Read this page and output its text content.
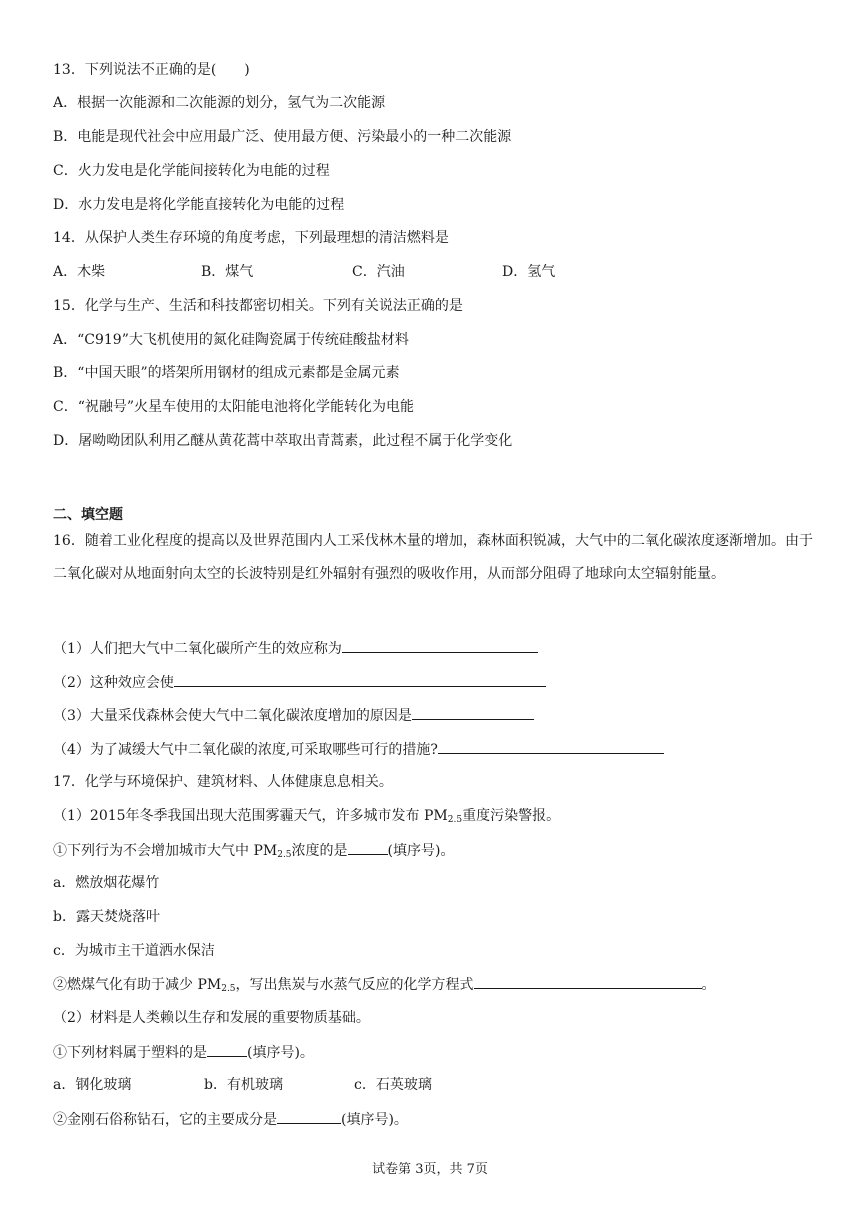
13．下列说法不正确的是(　　)
A．根据一次能源和二次能源的划分，氢气为二次能源
B．电能是现代社会中应用最广泛、使用最方便、污染最小的一种二次能源
C．火力发电是化学能间接转化为电能的过程
D．水力发电是将化学能直接转化为电能的过程
14．从保护人类生存环境的角度考虑，下列最理想的清洁燃料是
A．木柴	B．煤气	C．汽油	D．氢气
15．化学与生产、生活和科技都密切相关。下列有关说法正确的是
A．“C919”大飞机使用的氮化硅陶瓷属于传统硅酸盐材料
B．“中国天眼”的塔架所用钢材的组成元素都是金属元素
C．“祝融号”火星车使用的太阳能电池将化学能转化为电能
D．屠呦呦团队利用乙醚从黄花蒿中萃取出青蒿素，此过程不属于化学变化
二、填空题
16．随着工业化程度的提高以及世界范围内人工采伐林木量的增加，森林面积锐减，大气中的二氧化碳浓度逐渐增加。由于二氧化碳对从地面射向太空的长波特别是红外辐射有强烈的吸收作用，从而部分阻碍了地球向太空辐射能量。
（1）人们把大气中二氧化碳所产生的效应称为
（2）这种效应会使
（3）大量采伐森林会使大气中二氧化碳浓度增加的原因是
（4）为了减缓大气中二氧化碳的浓度,可采取哪些可行的措施?
17．化学与环境保护、建筑材料、人体健康息息相关。
（1）2015年冬季我国出现大范围雾霾天气，许多城市发布 $PM_{2.5}$重度污染警报。
①下列行为不会增加城市大气中 $PM_{2.5}$浓度的是	(填序号)。
a．燃放烟花爆竹
b．露天焚烧落叶
c．为城市主干道洒水保洁
②燃煤气化有助于减少 $PM_{2.5}$，写出焦炭与水蒸气反应的化学方程式	。
（2）材料是人类赖以生存和发展的重要物质基础。
①下列材料属于塑料的是	(填序号)。
a．钢化玻璃	b．有机玻璃	c．石英玻璃
②金刚石俗称钻石，它的主要成分是	(填序号)。
试卷第 3页，共 7页
